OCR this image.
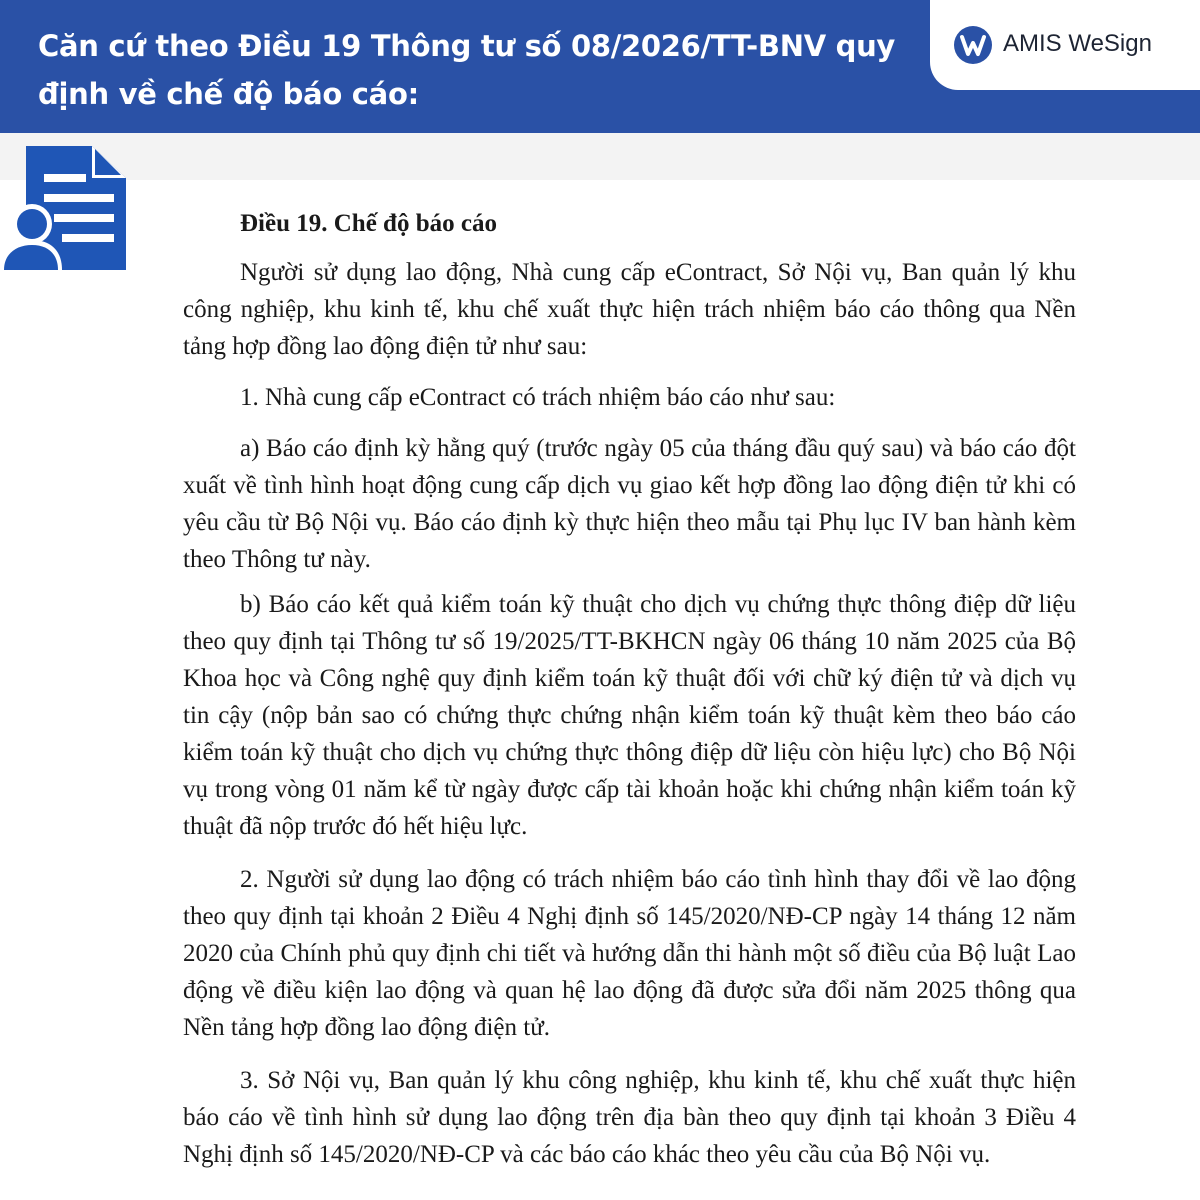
Căn cứ theo Điều 19 Thông tư số 08/2026/TT-BNV quy định về chế độ báo cáo:
AMIS WeSign

Điều 19. Chế độ báo cáo

Người sử dụng lao động, Nhà cung cấp eContract, Sở Nội vụ, Ban quản lý khu công nghiệp, khu kinh tế, khu chế xuất thực hiện trách nhiệm báo cáo thông qua Nền tảng hợp đồng lao động điện tử như sau:

1. Nhà cung cấp eContract có trách nhiệm báo cáo như sau:

a) Báo cáo định kỳ hằng quý (trước ngày 05 của tháng đầu quý sau) và báo cáo đột xuất về tình hình hoạt động cung cấp dịch vụ giao kết hợp đồng lao động điện tử khi có yêu cầu từ Bộ Nội vụ. Báo cáo định kỳ thực hiện theo mẫu tại Phụ lục IV ban hành kèm theo Thông tư này.

b) Báo cáo kết quả kiểm toán kỹ thuật cho dịch vụ chứng thực thông điệp dữ liệu theo quy định tại Thông tư số 19/2025/TT-BKHCN ngày 06 tháng 10 năm 2025 của Bộ Khoa học và Công nghệ quy định kiểm toán kỹ thuật đối với chữ ký điện tử và dịch vụ tin cậy (nộp bản sao có chứng thực chứng nhận kiểm toán kỹ thuật kèm theo báo cáo kiểm toán kỹ thuật cho dịch vụ chứng thực thông điệp dữ liệu còn hiệu lực) cho Bộ Nội vụ trong vòng 01 năm kể từ ngày được cấp tài khoản hoặc khi chứng nhận kiểm toán kỹ thuật đã nộp trước đó hết hiệu lực.

2. Người sử dụng lao động có trách nhiệm báo cáo tình hình thay đổi về lao động theo quy định tại khoản 2 Điều 4 Nghị định số 145/2020/NĐ-CP ngày 14 tháng 12 năm 2020 của Chính phủ quy định chi tiết và hướng dẫn thi hành một số điều của Bộ luật Lao động về điều kiện lao động và quan hệ lao động đã được sửa đổi năm 2025 thông qua Nền tảng hợp đồng lao động điện tử.

3. Sở Nội vụ, Ban quản lý khu công nghiệp, khu kinh tế, khu chế xuất thực hiện báo cáo về tình hình sử dụng lao động trên địa bàn theo quy định tại khoản 3 Điều 4 Nghị định số 145/2020/NĐ-CP và các báo cáo khác theo yêu cầu của Bộ Nội vụ.
